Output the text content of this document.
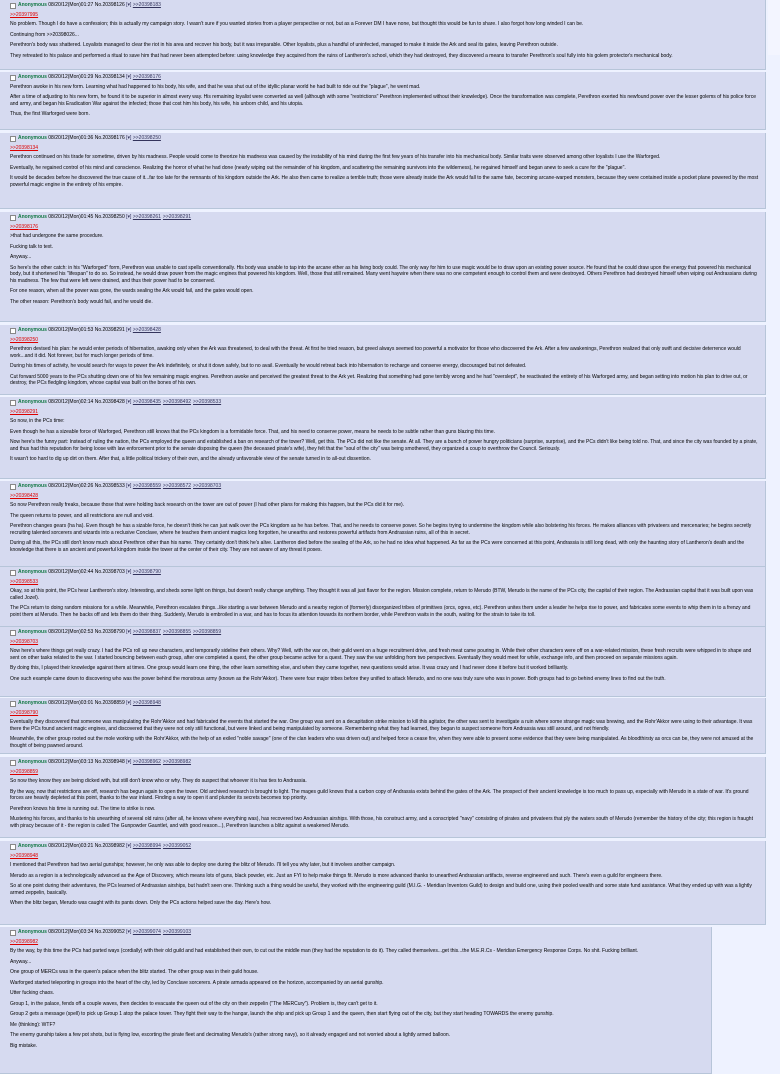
Anonymous 08/20/12(Mon)01:27 No.20398126 [▾] >>20398183
>>20397995

No problem. Though I do have a confession; this is actually my campaign story. I wasn't sure if you wanted stories from a player perspective or not, but as a Forever DM I have none, but thought this would be fun to share. I also forgot how long winded I can be.

Continuing from >>20398026...

Perethron's body was shattered. Loyalists managed to clear the riot in his area and recover his body, but it was irreparable. Other loyalists, plus a handful of uninfected, managed to make it inside the Ark and seal its gates, leaving Perethron outside.

They retreated to his palace and performed a ritual to save him that had never been attempted before: using knowledge they acquired from the ruins of Lantheron's school, which they had destroyed, they discovered a means to transfer Perethron's soul fully into his golem protector's mechanical body.

Anonymous 08/20/12(Mon)01:29 No.20398134 [▾] >>20398176

Perethron awoke in his new form. Learning what had happened to his body, his wife, and that he was shut out of the idyllic planar world he had built to ride out the "plague", he went mad.

After a time of adjusting to his new form, he found it to be superior in almost every way. His remaining loyalist were converted as well (although with some "restrictions" Perethron implemented without their knowledge). Once the transformation was complete, Perethron exerted his newfound power over the lesser golems of his police force and army, and began his Eradication War against the infected; those that cost him his body, his wife, his unborn child, and his utopia.

Thus, the first Warforged were born.

Anonymous 08/20/12(Mon)01:36 No.20398176 [▾] >>20398250
>>20398134

Perethron continued on his tirade for sometime, driven by his madness. People would come to theorize his madness was caused by the instability of his mind during the first few years of his transfer into his mechanical body. Similar traits were observed among other loyalists I use the Warforged.

Eventually, he regained control of his mind and conscience. Realizing the horror of what he had done (nearly wiping out the remainder of his kingdom, and scattering the remaining survivors into the wilderness), he regained himself and began anew to seek a cure for the "plague".

It would be decades before he discovered the true cause of it...far too late for the remnants of his kingdom outside the Ark. He also then came to realize a terrible truth; those were already inside the Ark would fall to the same fate, becoming arcane-warped monsters, because they were contained inside a pocket plane powered by the most powerful magic engine in the entirety of his empire.

Anonymous 08/20/12(Mon)01:45 No.20398250 [▾] >>20398261 >>20398291
>>20398176

>that had undergone the same procedure.

Fucking talk to text.

Anyway...

So here's the other catch: in his "Warforged" form, Perethron was unable to cast spells conventionally. His body was unable to tap into the arcane ether as his living body could. The only way for him to use magic would be to draw upon an existing power source. He found that he could draw upon the energy that powered his mechanical body, but it shortened his "lifespan" to do so. So instead, he would draw power from the magic engines that powered his kingdom. Well, those that still remained. Many went haywire when there was no one competent enough to control them and were destroyed. Others Perethron had destroyed himself when wiping out Andrassians during his madness. The few that were left were drained, and thus their power had to be conserved.

For one reason, when all the power was gone, the wards sealing the Ark would fail, and the gates would open.

The other reason: Perethron's body would fail, and he would die.

Anonymous 08/20/12(Mon)01:53 No.20398291 [▾] >>20398428
>>20398250

Perethron devised his plan: he would enter periods of hibernation, awaking only when the Ark was threatened, to deal with the threat. At first he tried reason, but greed always seemed too powerful a motivator for those who discovered the Ark. After a few awakenings, Perethron realized that only swift and decisive deterrence would work...and it did. Not forever, but for much longer periods of time.

During his times of activity, he would search for ways to power the Ark indefinitely, or shut it down safely, but to no avail. Eventually he would retreat back into hibernation to recharge and conserve energy, discouraged but not defeated.

Cut forward 5000 years to the PCs shutting down one of his few remaining magic engines. Perethron awoke and perceived the greatest threat to the Ark yet. Realizing that something had gone terribly wrong and he had "overslept", he reactivated the entirety of his Warforged army, and began setting into motion his plan to drive out, or destroy, the PCs fledgling kingdom, whose capital was built on the bones of his own.

Anonymous 08/20/12(Mon)02:14 No.20398428 [▾] >>20398435 >>20398492 >>20398533
>>20398291

So now, in the PCs time:

Even though he has a sizeable force of Warforged, Perethron still knows that the PCs kingdom is a formidable force. That, and his need to conserve power, means he needs to be subtle rather than guns blazing this time.

Now here's the funny part: Instead of ruling the nation, the PCs employed the queen and established a ban on research of the tower? Well, get this. The PCs did not like the senate. At all. They are a bunch of power hungry politicians (surprise, surprise), and the PCs didn't like being told no. That, and since the city was founded by a pirate, and thus had this reputation for being loose with law enforcement prior to the senate disposing the queen (the deceased pirate's wife), they felt that the "soul of the city" was being smothered, they organized a coup to overthrow the Council. Seriously.

It wasn't too hard to dig up dirt on them. After that, a little political trickery of their own, and the already unfavorable view of the senate turned in to all-out dissention.

Anonymous 08/20/12(Mon)02:26 No.20398533 [▾] >>20398559 >>20398572 >>20398703
>>20398428

So now Perethron really freaks, because those that were holding back research on the tower are out of power (I had other plans for making this happen, but the PCs did it for me).

The queen returns to power, and all restrictions are null and void.

Perethron changes gears (ha ha). Even though he has a sizable force, he doesn't think he can just walk over the PCs kingdom as he has before. That, and he needs to conserve power. So he begins trying to undermine the kingdom while also bolstering his forces. He makes alliances with privateers and mercenaries; he begins secretly recruiting talented sorcerers and wizards into a reclusive Conclave, where he teaches them ancient magics long forgotten, he unearths and restores powerful artifacts from Andrassian ruins, all of this in secret.

During all this, the PCs still don't know much about Perethron other than his name. They certainly don't think he's alive. Lantheron died before the sealing of the Ark, so he had no idea what happened. As far as the PCs were concerned at this point, Andrassia is still long dead, with only the haunting story of Lantheron's death and the knowledge that there is an ancient and powerful kingdom inside the tower at the center of their city. They are not aware of any threat it poses.

Anonymous 08/20/12(Mon)02:44 No.20398703 [▾] >>20398790
>>20398533

Okay, so at this point, the PCs hear Lantheron's story. Interesting, and sheds some light on things, but doesn't really change anything. They thought it was all just flavor for the region. Mission complete, return to Merudo (BTW, Merudo is the name of the PCs city, the capital of their region. The Andrassian capital that it was built upon was called Jozel).

The PCs return to doing random missions for a while. Meanwhile, Perethron escalates things...like starting a war between Merudo and a nearby region of (formerly) disorganized tribes of primitives (orcs, ogres, etc). Perethron unites them under a leader he helps rise to power, and fabricates some events to whip them in to a frenzy and point them at Merudo. Then he backs off and lets them do their thing. Suddenly, Merudo is embroiled in a war, and has to focus its attention towards its northern border, while Perethron waits in the south, waiting for the strain to take its toll.

Anonymous 08/20/12(Mon)02:53 No.20398790 [▾] >>20398837 >>20398855 >>20398859
>>20398703

Now here's where things get really crazy. I had the PCs roll up new characters, and temporarily sideline their others. Why? Well, with the war on, their guild went on a huge recruitment drive, and fresh meat came pouring in. While their other characters were off on a war-related mission, these fresh recruits were whipped in to shape and sent on other tasks related to the war. I started bouncing between each group, after one completed a quest, the other group became active for a quest. They saw the war unfolding from two perspectives. Eventually they would meet for while, exchange info, and then proceed on separate missions again.

By doing this, I played their knowledge against them at times. One group would learn one thing, the other learn something else, and when they came together, new questions would arise. It was crazy and I had never done it before but it worked brilliantly.

One such example came down to discovering who was the power behind the monstrous army (known as the Rohr'Akkor). There were four major tribes before they unified to attack Merudo, and no one was truly sure who was in power. Both groups had to go behind enemy lines to find out the truth.

Anonymous 08/20/12(Mon)03:01 No.20398859 [▾] >>20398948
>>20398790

Eventually they discovered that someone was manipulating the Rohr'Akkor and had fabricated the events that started the war. One group was sent on a decapitation strike mission to kill this agitator, the other was sent to investigate a ruin where some strange magic was brewing, and the Rohr'Akkor were using to their advantage. It was there the PCs found ancient magic engines, and discovered that they were not only still functional, but were linked and being manipulated by someone. Remembering what they had learned, they began to suspect someone from Andrassia was still around, and not friendly.

Meanwhile, the other group rooted out the mole working with the Rohr'Akkor, with the help of an exiled "noble savage" (one of the clan leaders who was driven out) and helped force a cease fire, when they were able to present some evidence that they were being manipulated. As bloodthirsty as orcs can be, they were not amused at the thought of being pawned around.

Anonymous 08/20/12(Mon)03:13 No.20398948 [▾] >>20398962 >>20398982
>>20398859

So now they know they are being dicked with, but still don't know who or why. They do suspect that whoever it is has ties to Andrassia.

By the way, now that restrictions are off, research has begun again to open the tower. Old archived research is brought to light. The mages guild knows that a carbon copy of Andrassia exists behind the gates of the Ark. The prospect of their ancient knowledge is too much to pass up, especially with Merudo in a state of war. It's ground forces are heavily depleted at this point, thanks to the war inland. Finding a way to open it and plunder its secrets becomes top priority.

Perethron knows his time is running out. The time to strike is now.

Mustering his forces, and thanks to his unearthing of several old ruins (after all, he knows where everything was), has recovered two Andrassian airships. With those, his construct army, and a conscripted "navy" consisting of pirates and privateers that ply the waters south of Merudo (remember the history of the city; this region is fraught with piracy because of it - the region is called The Gunpowder Gauntlet, and with good reason...), Perethron launches a blitz against a weakened Merudo.

Anonymous 08/20/12(Mon)03:21 No.20398982 [▾] >>20398994 >>20399052
>>20398948

I mentioned that Perethron had two aerial gunships; however, he only was able to deploy one during the blitz of Merudo. I'll tell you why later, but it involves another campaign.

Merudo as a region is a technologically advanced as the Age of Discovery, which means lots of guns, black powder, etc. Just an FYI to help make things fit. Merudo is more advanced thanks to unearthed Andrassian artifacts, reverse engineered and such. There's even a guild for engineers there.

So at one point during their adventures, the PCs learned of Andrassian airships, but hadn't seen one. Thinking such a thing would be useful, they worked with the engineering guild (M.I.G. - Meridian Inventors Guild) to design and build one, using their pooled wealth and some state fund assistance. What they ended up with was a lightly armed zeppelin, basically.

When the blitz began, Merudo was caught with its pants down. Only the PCs actions helped save the day. Here's how.

Anonymous 08/20/12(Mon)03:34 No.20399052 [▾] >>20399074 >>20399103
>>20398982

By the way, by this time the PCs had parted ways (cordially) with their old guild and had established their own, to cut out the middle man (they had the reputation to do it). They called themselves...get this...the M.E.R.Cs - Meridian Emergency Response Corps. No shit. Fucking brilliant.

Anyway...

One group of MERCs was in the queen's palace when the blitz started. The other group was in their guild house.

Warforged started teleporting in groups into the heart of the city, led by Conclave sorcerers. A pirate armada appeared on the horizon, accompanied by an aerial gunship.

Utter fucking chaos.

Group 1, in the palace, fends off a couple waves, then decides to evacuate the queen out of the city on their zeppelin ("The MERCury"). Problem is, they can't get to it.

Group 2 gets a message (spell) to pick up Group 1 atop the palace tower. They fight their way to the hangar, launch the ship and pick up Group 1 and the queen, then start flying out of the city, but they start heading TOWARDS the enemy gunship.

Me (thinking): WTF?

The enemy gunship takes a few pot shots, but is flying low, escorting the pirate fleet and decimating Merudo's (rather strong navy), so it already engaged and not worried about a lightly armed balloon.

Big mistake.
